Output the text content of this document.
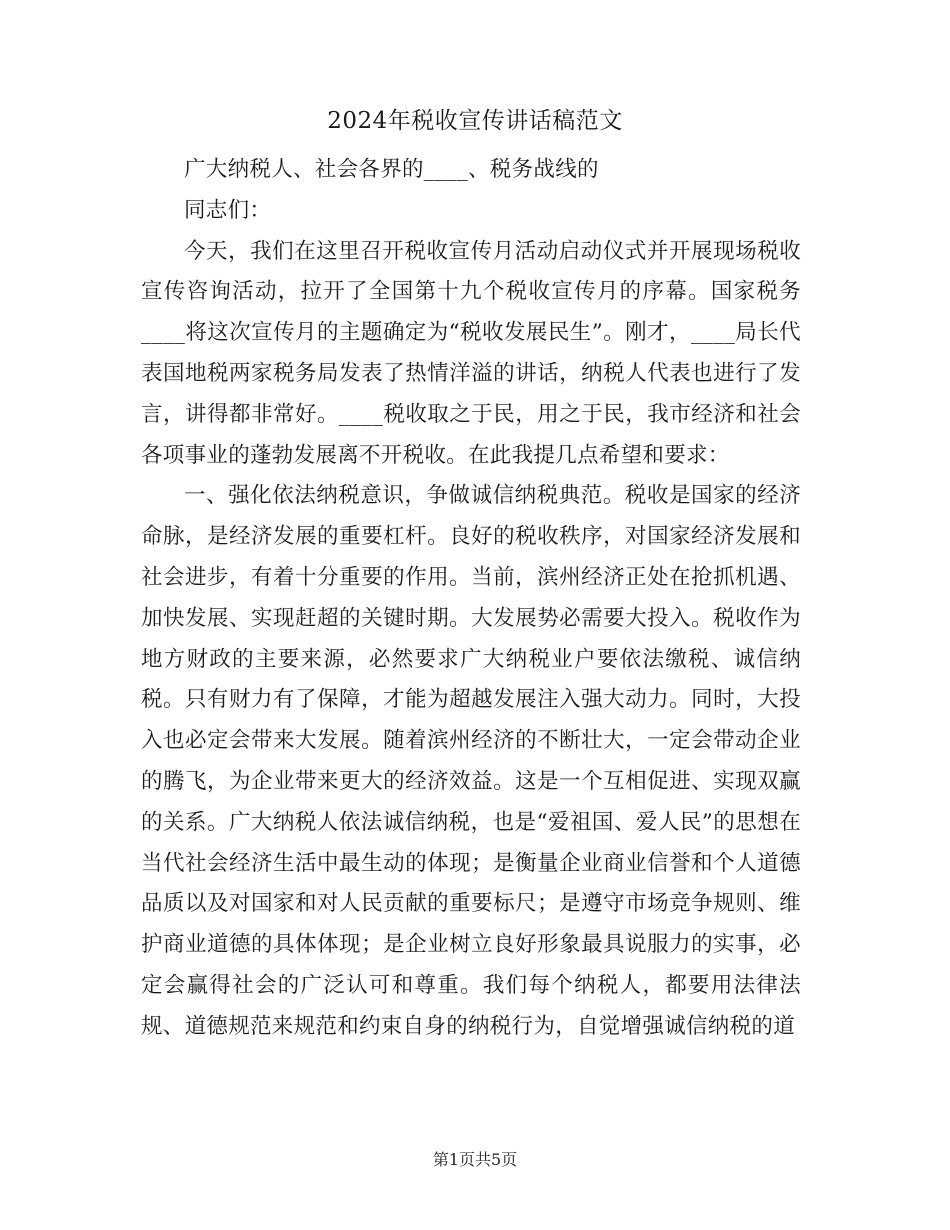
2024年税收宣传讲话稿范文

广大纳税人、社会各界的____、税务战线的

同志们：

今天，我们在这里召开税收宣传月活动启动仪式并开展现场税收宣传咨询活动，拉开了全国第十九个税收宣传月的序幕。国家税务____将这次宣传月的主题确定为“税收发展民生”。刚才，____局长代表国地税两家税务局发表了热情洋溢的讲话，纳税人代表也进行了发言，讲得都非常好。____税收取之于民，用之于民，我市经济和社会各项事业的蓬勃发展离不开税收。在此我提几点希望和要求：

一、强化依法纳税意识，争做诚信纳税典范。税收是国家的经济命脉，是经济发展的重要杠杆。良好的税收秩序，对国家经济发展和社会进步，有着十分重要的作用。当前，滨州经济正处在抢抓机遇、加快发展、实现赶超的关键时期。大发展势必需要大投入。税收作为地方财政的主要来源，必然要求广大纳税业户要依法缴税、诚信纳税。只有财力有了保障，才能为超越发展注入强大动力。同时，大投入也必定会带来大发展。随着滨州经济的不断壮大，一定会带动企业的腾飞，为企业带来更大的经济效益。这是一个互相促进、实现双赢的关系。广大纳税人依法诚信纳税，也是“爱祖国、爱人民”的思想在当代社会经济生活中最生动的体现；是衡量企业商业信誉和个人道德品质以及对国家和对人民贡献的重要标尺；是遵守市场竞争规则、维护商业道德的具体体现；是企业树立良好形象最具说服力的实事，必定会赢得社会的广泛认可和尊重。我们每个纳税人，都要用法律法规、道德规范来规范和约束自身的纳税行为，自觉增强诚信纳税的道

第1页共5页
